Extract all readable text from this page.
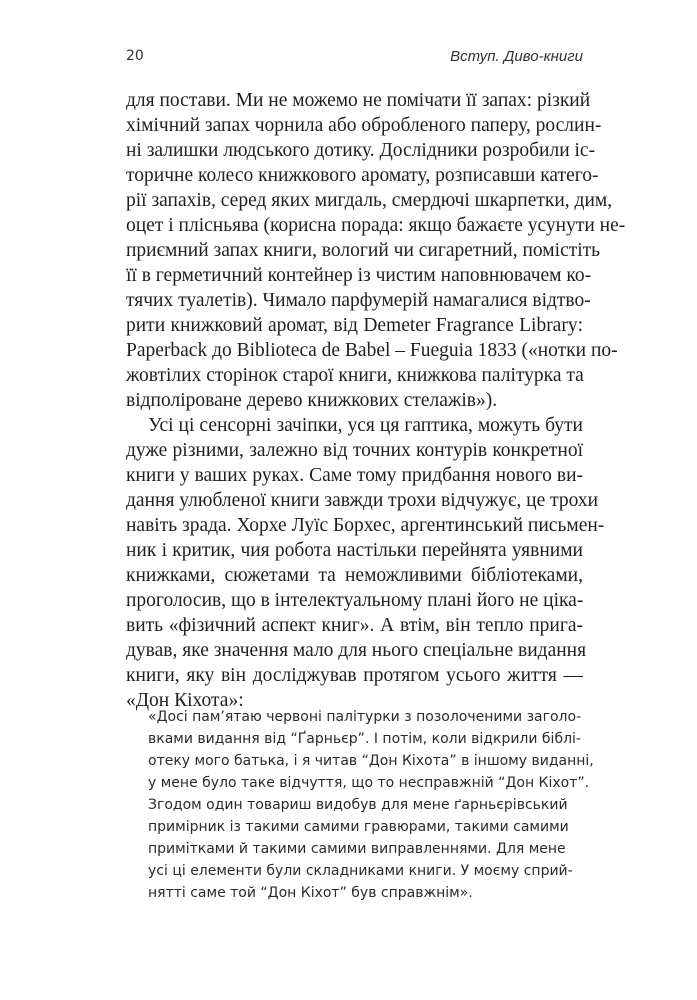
20	Вступ. Диво-книги
для постави. Ми не можемо не помічати її запах: різкий
хімічний запах чорнила або обробленого паперу, рослин-
ні залишки людського дотику. Дослідники розробили іс-
торичне колесо книжкового аромату, розписавши катего-
рії запахів, серед яких мигдаль, смердючі шкарпетки, дим,
оцет і плісньява (корисна порада: якщо бажаєте усунути не-
приємний запах книги, вологий чи сигаретний, помістіть
її в герметичний контейнер із чистим наповнювачем ко-
тячих туалетів). Чимало парфумерій намагалися відтво-
рити книжковий аромат, від Demeter Fragrance Library:
Paperback до Biblioteca de Babel – Fueguia 1833 («нотки по-
жовтілих сторінок старої книги, книжкова палітурка та
відполіроване дерево книжкових стелажів»).
Усі ці сенсорні зачіпки, уся ця гаптика, можуть бути
дуже різними, залежно від точних контурів конкретної
книги у ваших руках. Саме тому придбання нового ви-
дання улюбленої книги завжди трохи відчужує, це трохи
навіть зрада. Хорхе Луїс Борхес, аргентинський письмен-
ник і критик, чия робота настільки перейнята уявними
книжками, сюжетами та неможливими бібліотеками,
проголосив, що в інтелектуальному плані його не ціка-
вить «фізичний аспект книг». А втім, він тепло прига-
дував, яке значення мало для нього спеціальне видання
книги, яку він досліджував протягом усього життя —
«Дон Кіхота»:
«Досі пам’ятаю червоні палітурки з позолоченими заголо-
вками видання від “Ґарньєр”. І потім, коли відкрили бiблі-
отеку мого батька, і я читав “Дон Кіхота” в іншому виданні,
у мене було таке відчуття, що то несправжній “Дон Кіхот”.
Згодом один товариш видобув для мене ґарньєрівський
примірник із такими самими гравюрами, такими самими
примітками й такими самими виправленнями. Для мене
усі ці елементи були складниками книги. У моєму сприй-
нятті саме той “Дон Кіхот” був справжнім».
